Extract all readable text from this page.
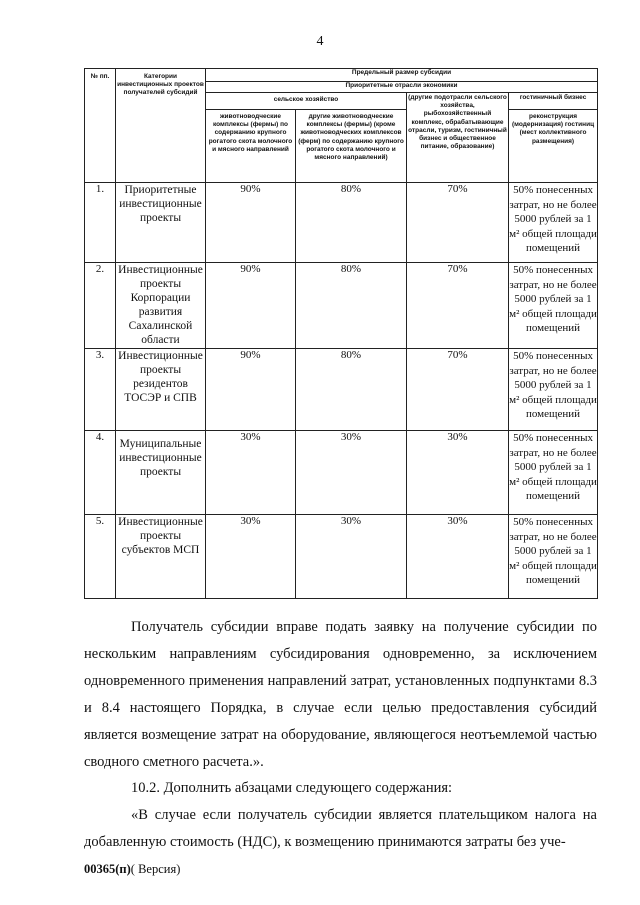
4
№ пп.	Категории инвестиционных проектов получателей субсидий	Предельный размер субсидии			
		Приоритетные отрасли экономики			
		сельское хозяйство		(другие подотрасли сельского хозяйства, рыбохозяйственный комплекс, обрабатывающие отрасли, туризм, гостиничный бизнес и общественное питание, образование)	гостиничный бизнес
		животноводческие комплексы (фермы) по содержанию крупного рогатого скота молочного и мясного направлений	другие животноводческие комплексы (фермы) (кроме животноводческих комплексов (ферм) по содержанию крупного рогатого скота молочного и мясного направлений)		реконструкция (модернизация) гостиниц (мест коллективного размещения)
1.	Приоритетные инвестиционные проекты	90%	80%	70%	50% понесенных затрат, но не более 5000 рублей за 1 м² общей площади помещений
2.	Инвестиционные проекты Корпорации развития Сахалинской области	90%	80%	70%	50% понесенных затрат, но не более 5000 рублей за 1 м² общей площади помещений
3.	Инвестиционные проекты резидентов ТОСЭР и СПВ	90%	80%	70%	50% понесенных затрат, но не более 5000 рублей за 1 м² общей площади помещений
4.	Муниципальные инвестиционные проекты	30%	30%	30%	50% понесенных затрат, но не более 5000 рублей за 1 м² общей площади помещений
5.	Инвестиционные проекты субъектов МСП	30%	30%	30%	50% понесенных затрат, но не более 5000 рублей за 1 м² общей площади помещений

Получатель субсидии вправе подать заявку на получение субсидии по нескольким направлениям субсидирования одновременно, за исключением одновременного применения направлений затрат, установленных подпунктами 8.3 и 8.4 настоящего Порядка, в случае если целью предоставления субсидий является возмещение затрат на оборудование, являющегося неотъемлемой частью сводного сметного расчета.».

10.2. Дополнить абзацами следующего содержания:

«В случае если получатель субсидии является плательщиком налога на добавленную стоимость (НДС), к возмещению принимаются затраты без уче-

00365(п)( Версия)
